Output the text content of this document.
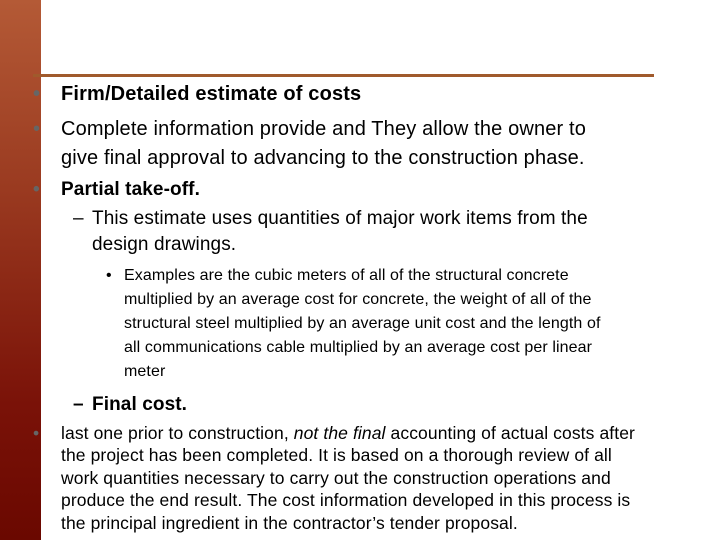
• Firm/Detailed estimate of costs
• Complete information provide and They allow the owner to
give final approval to advancing to the construction phase.
• Partial take-off.
– This estimate uses quantities of major work items from the
design drawings.
• Examples are the cubic meters of all of the structural concrete
multiplied by an average cost for concrete, the weight of all of the
structural steel multiplied by an average unit cost and the length of
all communications cable multiplied by an average cost per linear
meter
– Final cost.
• last one prior to construction, not the final accounting of actual costs after
the project has been completed. It is based on a thorough review of all
work quantities necessary to carry out the construction operations and
produce the end result. The cost information developed in this process is
the principal ingredient in the contractor’s tender proposal.
